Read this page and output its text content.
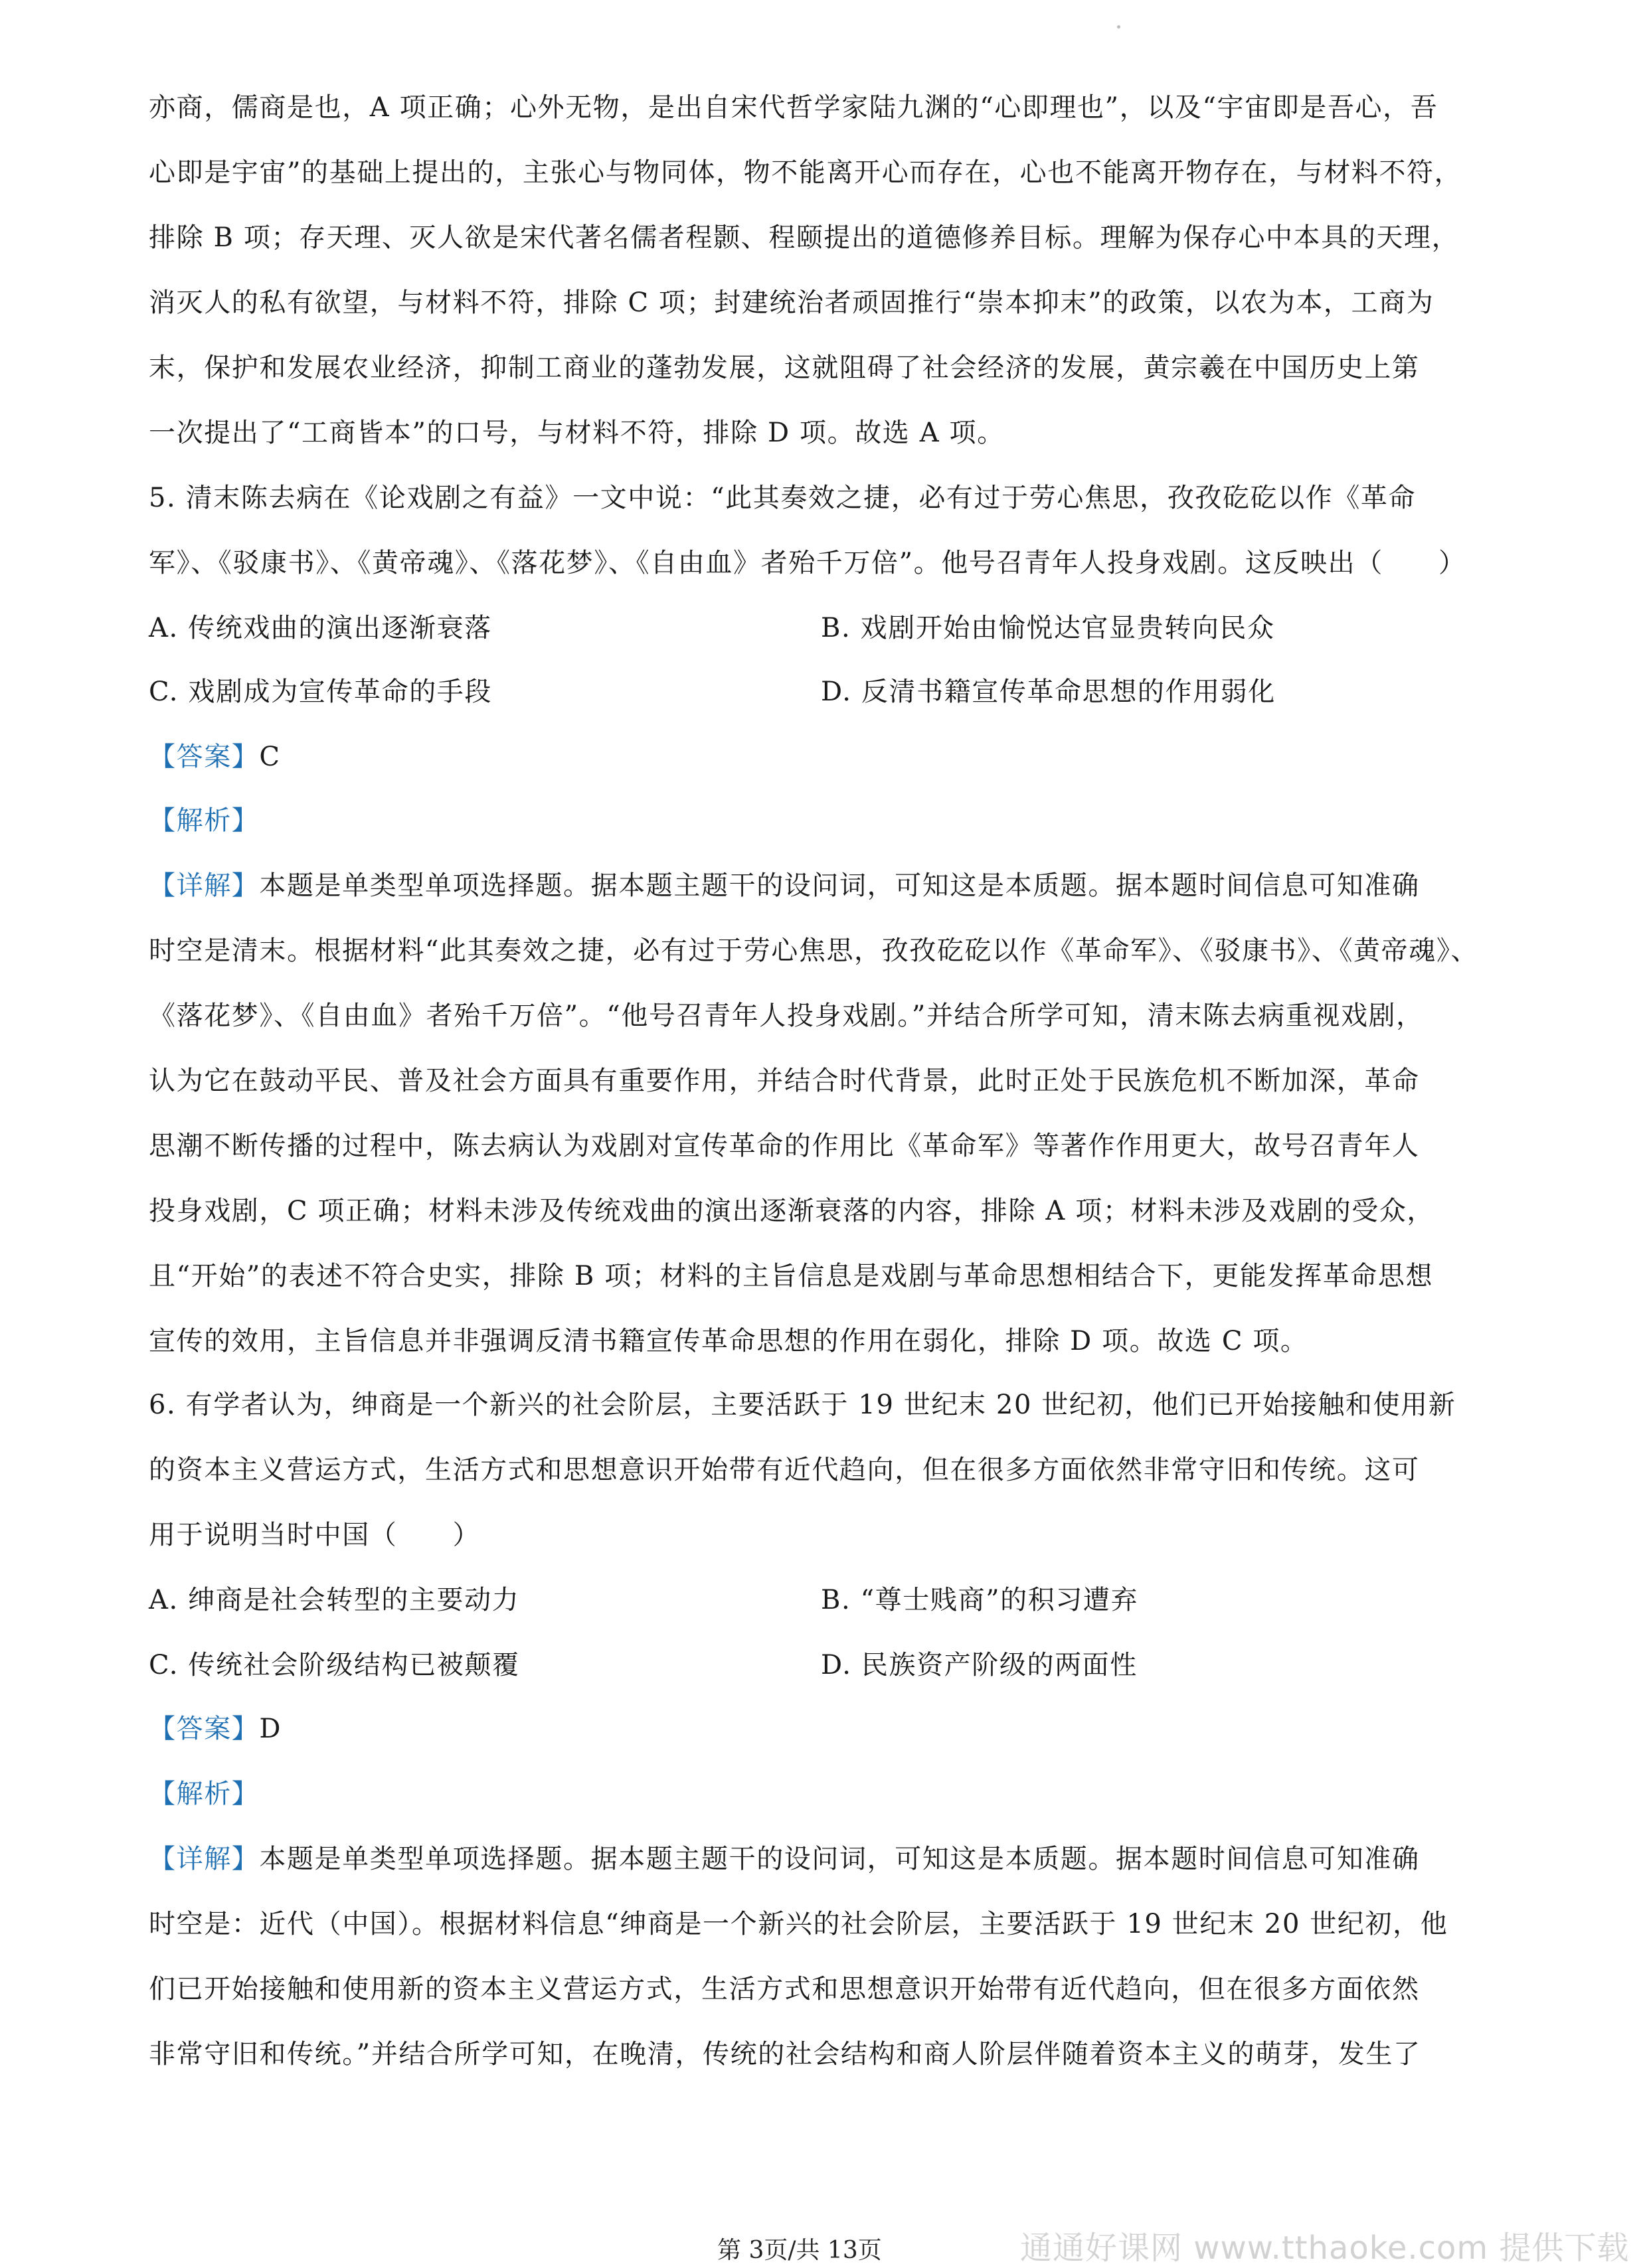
亦商，儒商是也，A 项正确；心外无物，是出自宋代哲学家陆九渊的“心即理也”，以及“宇宙即是吾心，吾
心即是宇宙”的基础上提出的，主张心与物同体，物不能离开心而存在，心也不能离开物存在，与材料不符，
排除 B 项；存天理、灭人欲是宋代著名儒者程颢、程颐提出的道德修养目标。理解为保存心中本具的天理，
消灭人的私有欲望，与材料不符，排除 C 项；封建统治者顽固推行“崇本抑末”的政策，以农为本，工商为
末，保护和发展农业经济，抑制工商业的蓬勃发展，这就阻碍了社会经济的发展，黄宗羲在中国历史上第
一次提出了“工商皆本”的口号，与材料不符，排除 D 项。故选 A 项。
5. 清末陈去病在《论戏剧之有益》一文中说：“此其奏效之捷，必有过于劳心焦思，孜孜矻矻以作《革命
军》、《驳康书》、《黄帝魂》、《落花梦》、《自由血》者殆千万倍”。他号召青年人投身戏剧。这反映出（　　）
A. 传统戏曲的演出逐渐衰落	B. 戏剧开始由愉悦达官显贵转向民众
C. 戏剧成为宣传革命的手段	D. 反清书籍宣传革命思想的作用弱化
【答案】C
【解析】
【详解】本题是单类型单项选择题。据本题主题干的设问词，可知这是本质题。据本题时间信息可知准确
时空是清末。根据材料“此其奏效之捷，必有过于劳心焦思，孜孜矻矻以作《革命军》、《驳康书》、《黄帝魂》、
《落花梦》、《自由血》者殆千万倍”。“他号召青年人投身戏剧。”并结合所学可知，清末陈去病重视戏剧，
认为它在鼓动平民、普及社会方面具有重要作用，并结合时代背景，此时正处于民族危机不断加深，革命
思潮不断传播的过程中，陈去病认为戏剧对宣传革命的作用比《革命军》等著作作用更大，故号召青年人
投身戏剧，C 项正确；材料未涉及传统戏曲的演出逐渐衰落的内容，排除 A 项；材料未涉及戏剧的受众，
且“开始”的表述不符合史实，排除 B 项；材料的主旨信息是戏剧与革命思想相结合下，更能发挥革命思想
宣传的效用，主旨信息并非强调反清书籍宣传革命思想的作用在弱化，排除 D 项。故选 C 项。
6. 有学者认为，绅商是一个新兴的社会阶层，主要活跃于 19 世纪末 20 世纪初，他们已开始接触和使用新
的资本主义营运方式，生活方式和思想意识开始带有近代趋向，但在很多方面依然非常守旧和传统。这可
用于说明当时中国（　　）
A. 绅商是社会转型的主要动力	B. “尊士贱商”的积习遭弃
C. 传统社会阶级结构已被颠覆	D. 民族资产阶级的两面性
【答案】D
【解析】
【详解】本题是单类型单项选择题。据本题主题干的设问词，可知这是本质题。据本题时间信息可知准确
时空是：近代（中国）。根据材料信息“绅商是一个新兴的社会阶层，主要活跃于 19 世纪末 20 世纪初，他
们已开始接触和使用新的资本主义营运方式，生活方式和思想意识开始带有近代趋向，但在很多方面依然
非常守旧和传统。”并结合所学可知，在晚清，传统的社会结构和商人阶层伴随着资本主义的萌芽，发生了
第 3页/共 13页	通通好课网 www.tthaoke.com 提供下载
